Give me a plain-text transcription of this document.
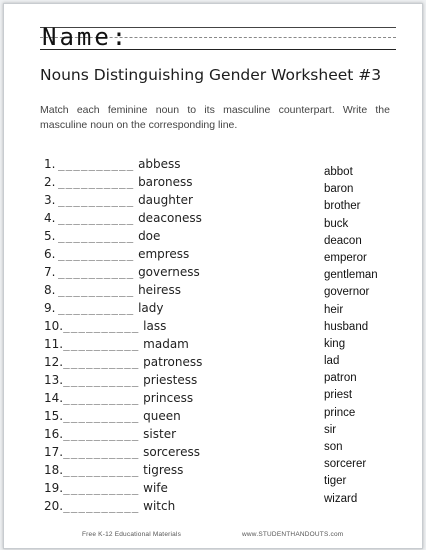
Name:
Nouns Distinguishing Gender Worksheet #3
Match each feminine noun to its masculine counterpart. Write the masculine noun on the corresponding line.
1. __________ abbess
2. __________ baroness
3. __________ daughter
4. __________ deaconess
5. __________ doe
6. __________ empress
7. __________ governess
8. __________ heiress
9. __________ lady
10.__________ lass
11.__________ madam
12.__________ patroness
13.__________ priestess
14.__________ princess
15.__________ queen
16.__________ sister
17.__________ sorceress
18.__________ tigress
19.__________ wife
20.__________ witch
abbot
baron
brother
buck
deacon
emperor
gentleman
governor
heir
husband
king
lad
patron
priest
prince
sir
son
sorcerer
tiger
wizard
Free K-12 Educational Materials	www.STUDENTHANDOUTS.com
